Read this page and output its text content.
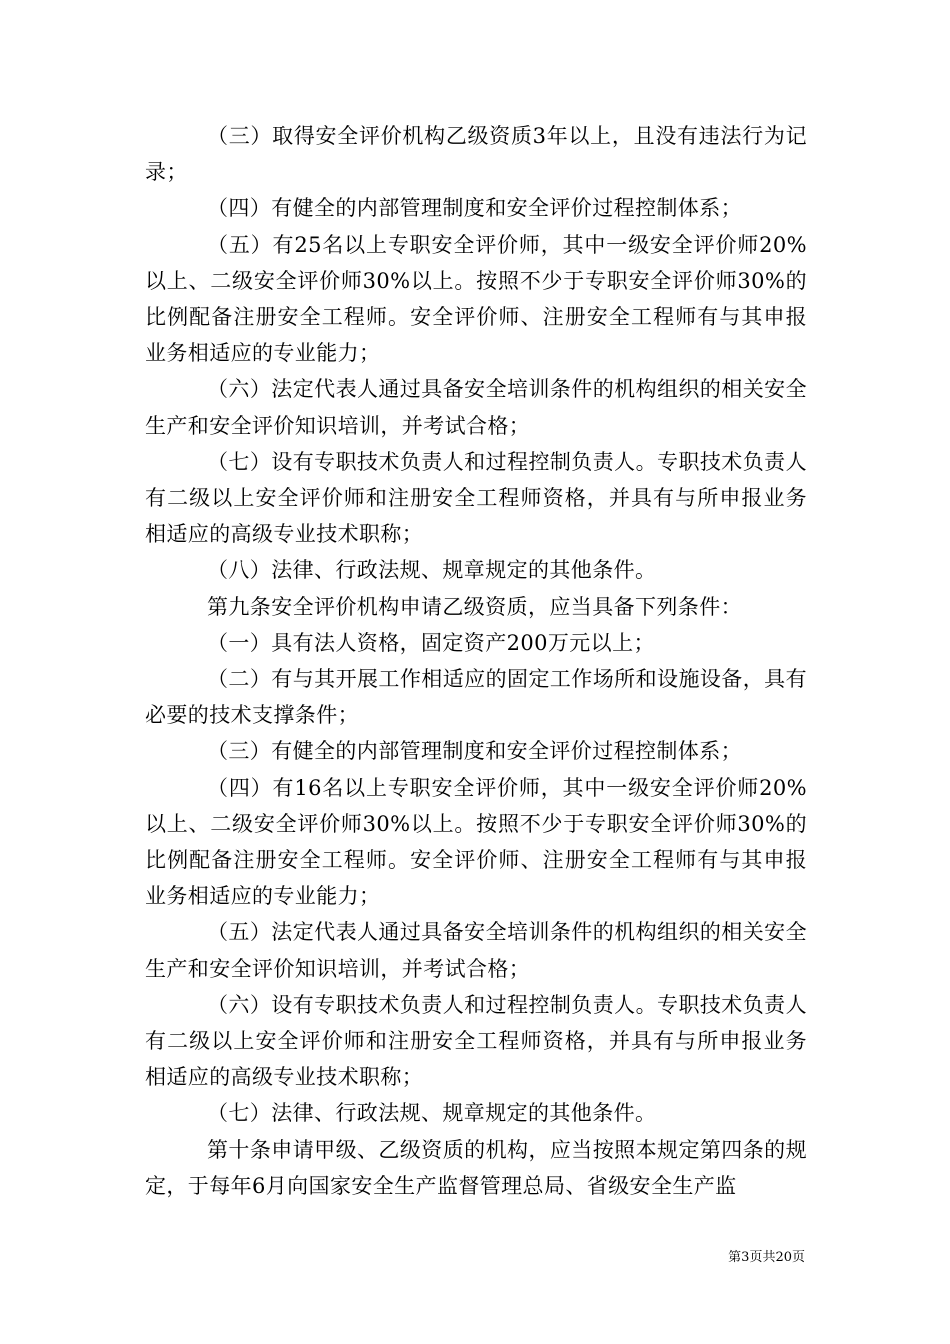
（三）取得安全评价机构乙级资质3年以上，且没有违法行为记录；

（四）有健全的内部管理制度和安全评价过程控制体系；

（五）有25名以上专职安全评价师，其中一级安全评价师20%以上、二级安全评价师30%以上。按照不少于专职安全评价师30%的比例配备注册安全工程师。安全评价师、注册安全工程师有与其申报业务相适应的专业能力；

（六）法定代表人通过具备安全培训条件的机构组织的相关安全生产和安全评价知识培训，并考试合格；

（七）设有专职技术负责人和过程控制负责人。专职技术负责人有二级以上安全评价师和注册安全工程师资格，并具有与所申报业务相适应的高级专业技术职称；

（八）法律、行政法规、规章规定的其他条件。

第九条安全评价机构申请乙级资质，应当具备下列条件：

（一）具有法人资格，固定资产200万元以上；

（二）有与其开展工作相适应的固定工作场所和设施设备，具有必要的技术支撑条件；

（三）有健全的内部管理制度和安全评价过程控制体系；

（四）有16名以上专职安全评价师，其中一级安全评价师20%以上、二级安全评价师30%以上。按照不少于专职安全评价师30%的比例配备注册安全工程师。安全评价师、注册安全工程师有与其申报业务相适应的专业能力；

（五）法定代表人通过具备安全培训条件的机构组织的相关安全生产和安全评价知识培训，并考试合格；

（六）设有专职技术负责人和过程控制负责人。专职技术负责人有二级以上安全评价师和注册安全工程师资格，并具有与所申报业务相适应的高级专业技术职称；

（七）法律、行政法规、规章规定的其他条件。

第十条申请甲级、乙级资质的机构，应当按照本规定第四条的规定，于每年6月向国家安全生产监督管理总局、省级安全生产监

第3页共20页
